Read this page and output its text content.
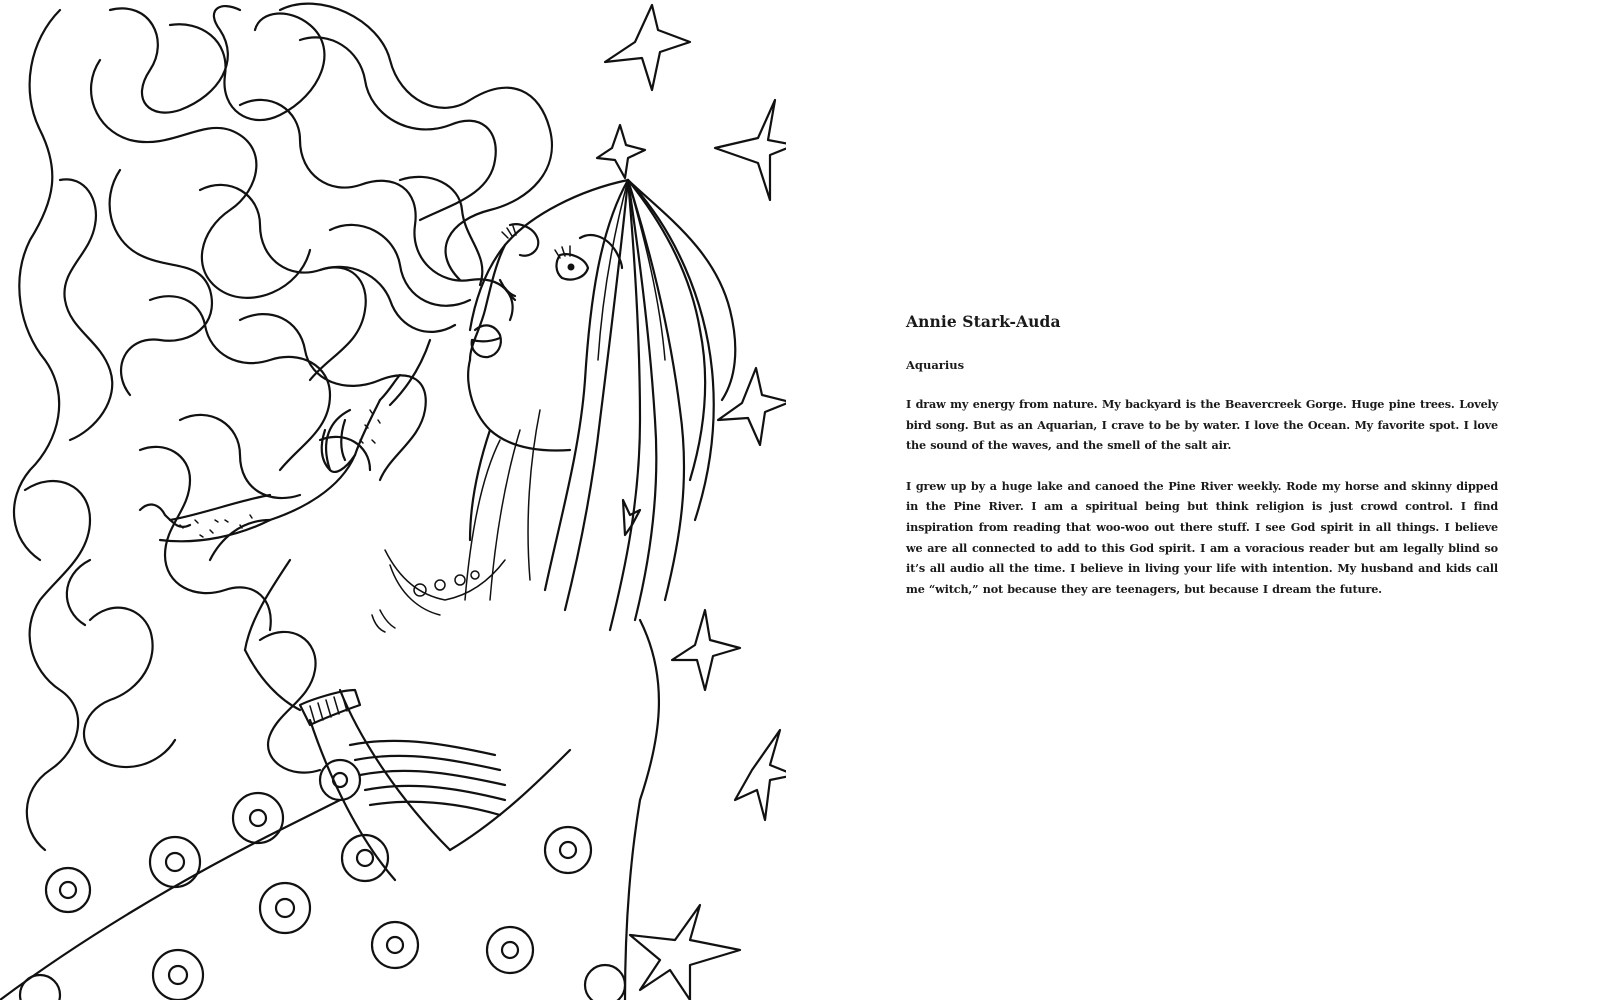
Annie Stark-Auda
Aquarius

I draw my energy from nature. My backyard is the Beavercreek Gorge. Huge pine trees. Lovely bird song. But as an Aquarian, I crave to be by water. I love the Ocean. My favorite spot. I love the sound of the waves, and the smell of the salt air.

I grew up by a huge lake and canoed the Pine River weekly. Rode my horse and skinny dipped in the Pine River. I am a spiritual being but think religion is just crowd control. I find inspiration from reading that woo-woo out there stuff. I see God spirit in all things. I believe we are all connected to add to this God spirit. I am a voracious reader but am legally blind so it’s all audio all the time. I believe in living your life with intention. My husband and kids call me “witch,” not because they are teenagers, but because I dream the future.
